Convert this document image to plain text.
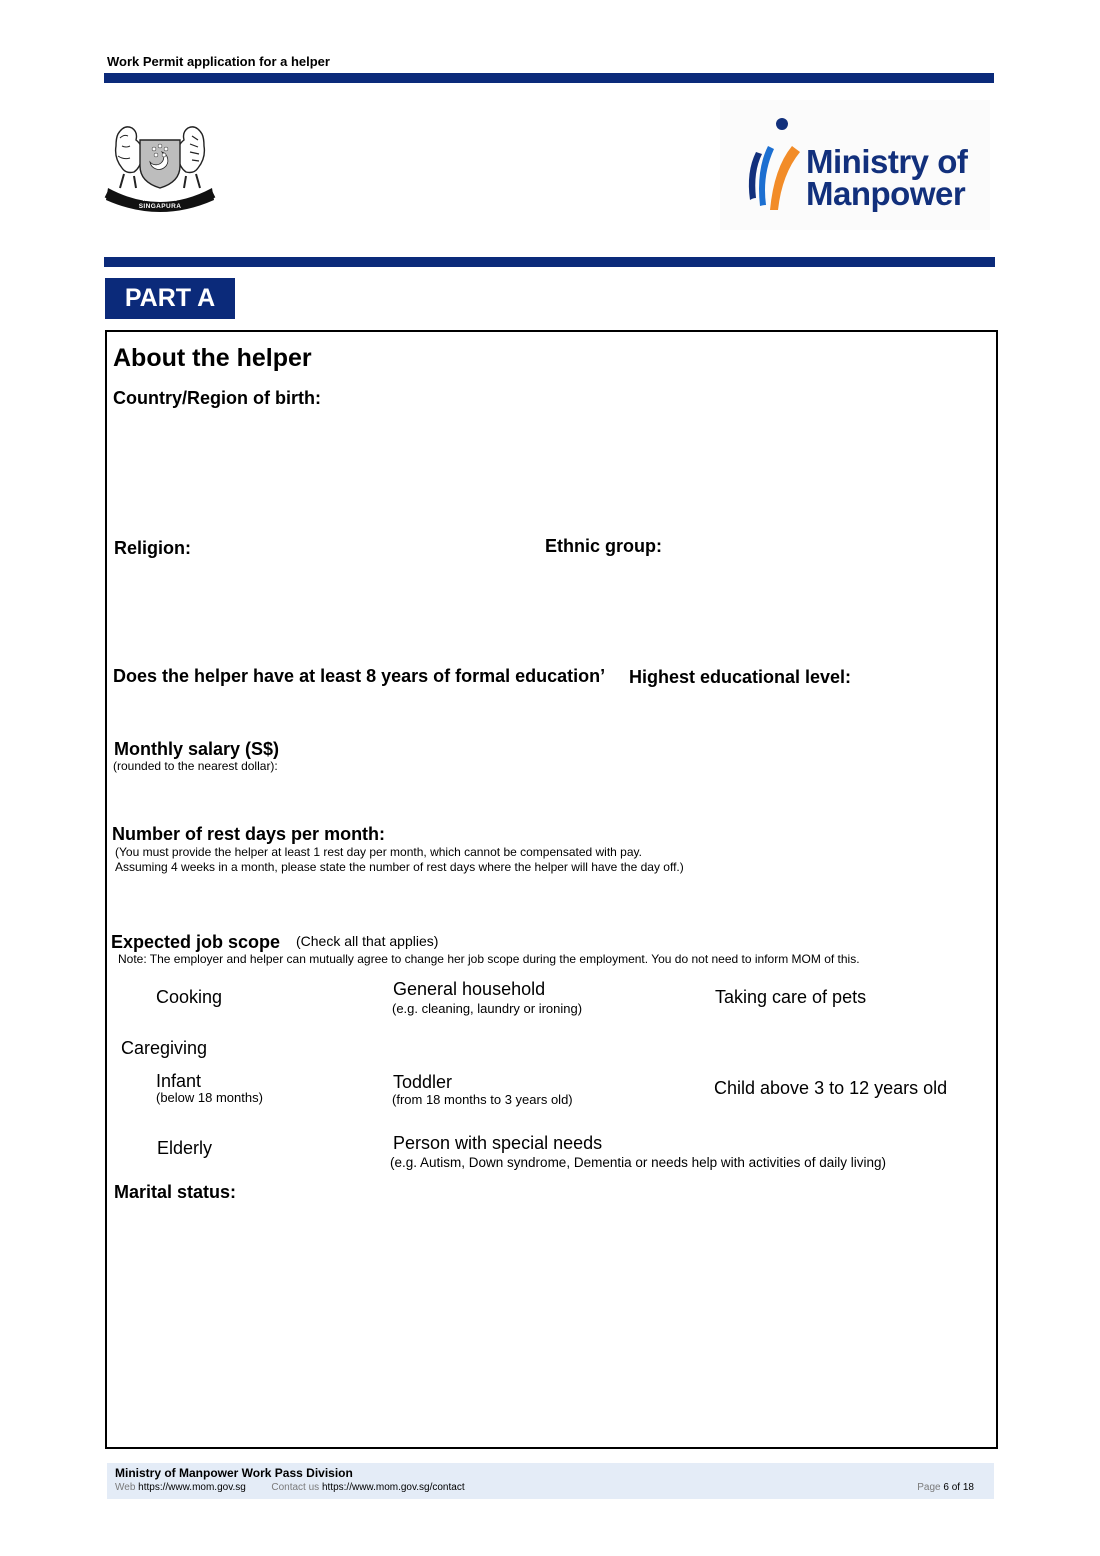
Work Permit application for a helper
MAJULAH SINGAPURA
Ministry of
Manpower
PART A
About the helper
Country/Region of birth:
Religion:	Ethnic group:
Does the helper have at least 8 years of formal education’ Highest educational level:
Monthly salary (S$)
(rounded to the nearest dollar):
Number of rest days per month:
(You must provide the helper at least 1 rest day per month, which cannot be compensated with pay.
Assuming 4 weeks in a month, please state the number of rest days where the helper will have the day off.)
Expected job scope (Check all that applies)
Note: The employer and helper can mutually agree to change her job scope during the employment. You do not need to inform MOM of this.
Cooking	General household
(e.g. cleaning, laundry or ironing)
Taking care of pets
Caregiving
Infant
(below 18 months)
Toddler
(from 18 months to 3 years old)
Child above 3 to 12 years old
Elderly	Person with special needs
(e.g. Autism, Down syndrome, Dementia or needs help with activities of daily living)
Marital status:
Ministry of Manpower Work Pass Division
Web https://www.mom.gov.sg	Contact us https://www.mom.gov.sg/contact	Page 6 of 18
